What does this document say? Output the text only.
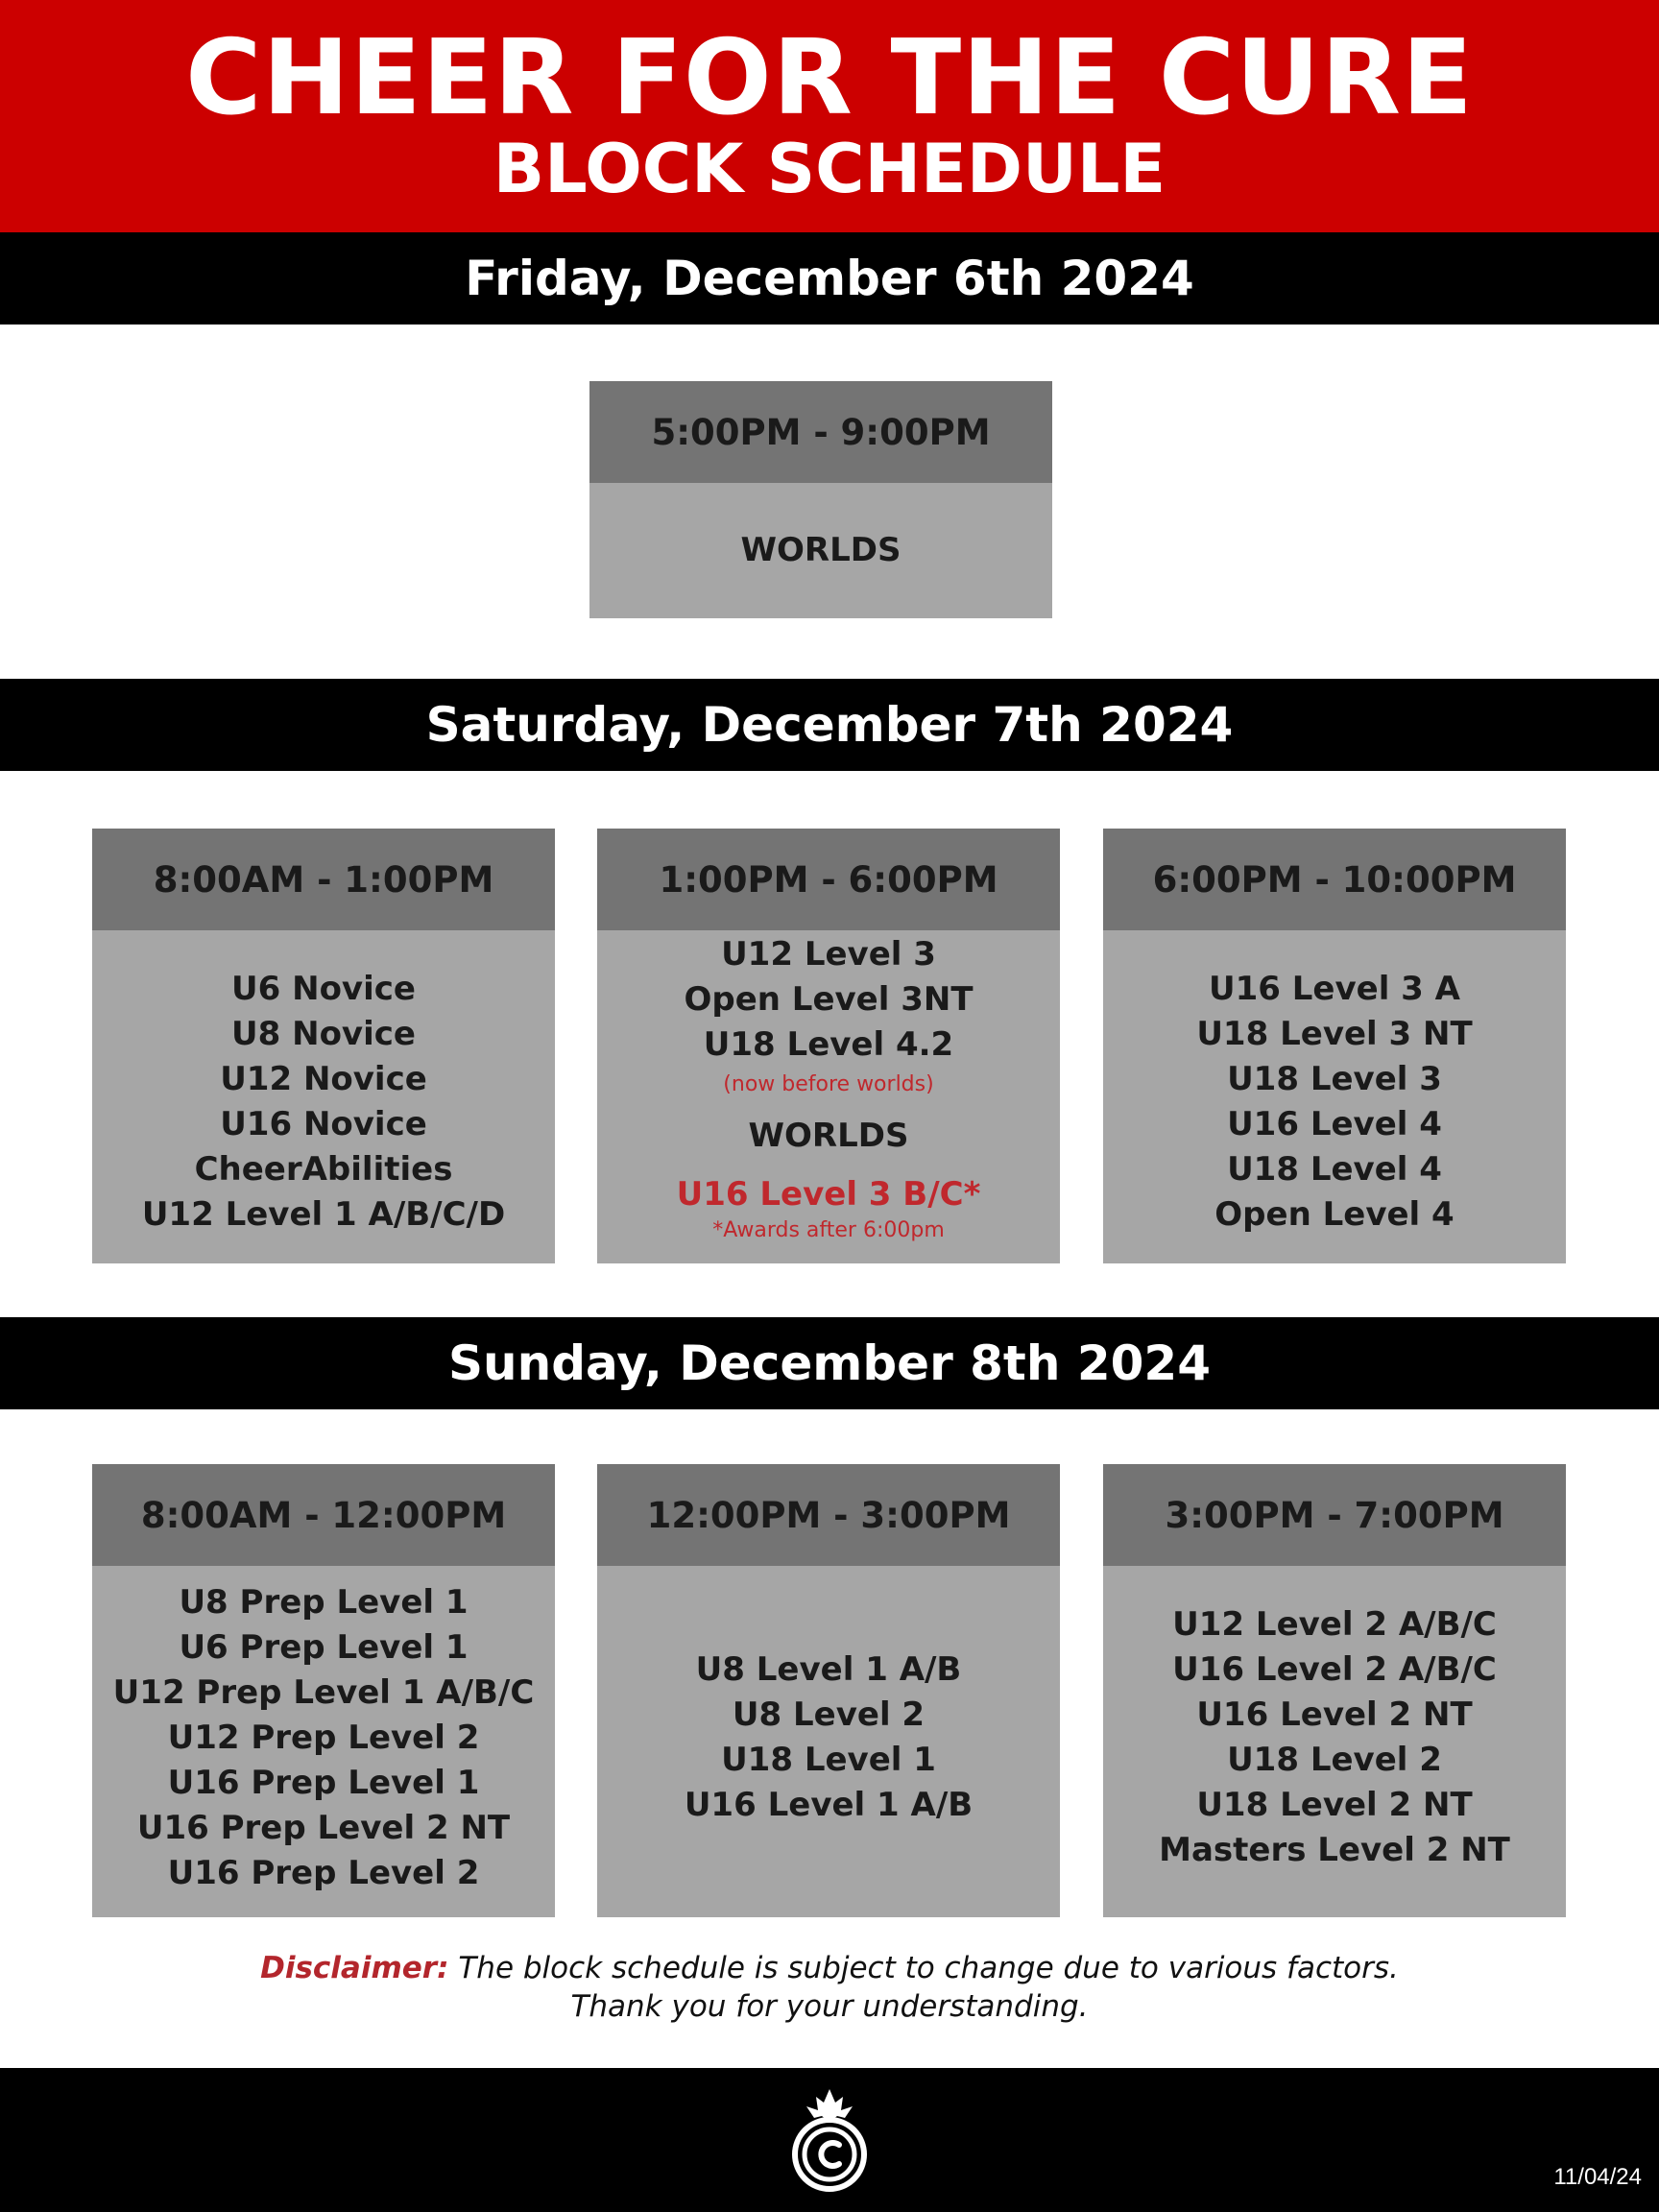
CHEER FOR THE CURE
BLOCK SCHEDULE
Friday, December 6th 2024
5:00PM - 9:00PM
WORLDS
Saturday, December 7th 2024
8:00AM - 1:00PM
U6 Novice
U8 Novice
U12 Novice
U16 Novice
CheerAbilities
U12 Level 1 A/B/C/D
1:00PM - 6:00PM
U12 Level 3
Open Level 3NT
U18 Level 4.2
(now before worlds)
WORLDS
U16 Level 3 B/C*
*Awards after 6:00pm
6:00PM - 10:00PM
U16 Level 3 A
U18 Level 3 NT
U18 Level 3
U16 Level 4
U18 Level 4
Open Level 4
Sunday, December 8th 2024
8:00AM - 12:00PM
U8 Prep Level 1
U6 Prep Level 1
U12 Prep Level 1 A/B/C
U12 Prep Level 2
U16 Prep Level 1
U16 Prep Level 2 NT
U16 Prep Level 2
12:00PM - 3:00PM
U8 Level 1 A/B
U8 Level 2
U18 Level 1
U16 Level 1 A/B
3:00PM - 7:00PM
U12 Level 2 A/B/C
U16 Level 2 A/B/C
U16 Level 2 NT
U18 Level 2
U18 Level 2 NT
Masters Level 2 NT
Disclaimer: The block schedule is subject to change due to various factors.
Thank you for your understanding.
11/04/24
